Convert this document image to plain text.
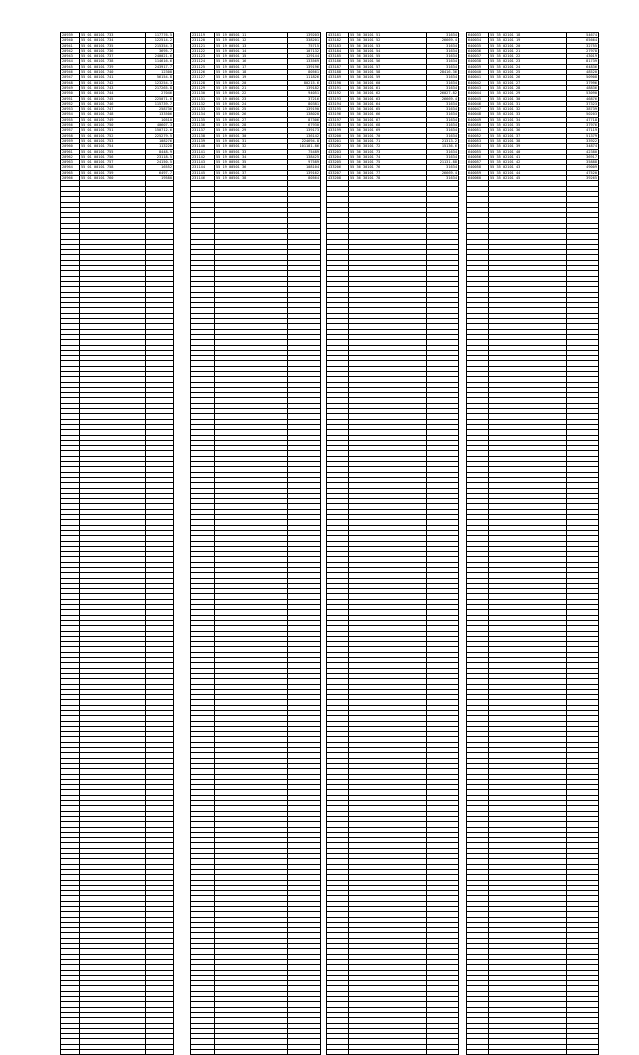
20939	55 01 00101 733	117776.5
20940	55 01 00101 734	122514.2
20941	55 01 00101 735	215354.3
20942	55 01 00101 736	3695.7
20943	55 01 00101 737	240021.6
20944	55 01 00101 738	114616.6
20945	55 01 00101 739	243917.7
20946	55 01 00101 740	12308
20947	55 01 00101 741	56154.8
20948	55 01 00101 742	123254.3
20949	55 01 00101 743	217265.8
20950	55 01 00101 744	27046
20951	55 01 00101 745	225071.6
20952	55 01 00101 746	115739.7
20953	55 01 00101 747	258736
20954	55 01 00101 748	133506
20955	55 01 00101 749	10510
20956	55 01 00101 750	40607.3
20957	55 01 00101 751	150712.6
20958	55 01 00101 752	225279.5
20959	55 01 00101 753	108276
20960	55 01 00101 754	113228
20961	55 01 00101 755	8448.9
20962	55 01 00101 756	23118.5
20963	55 01 00101 757	24150.5
20964	55 01 00101 758	16552
20965	55 01 00101 759	6497.7
20966	55 01 00101 760	19580

231119	55 19 00501 11	139203
231120	55 19 00501 12	338201
231121	55 19 00501 13	75715
231122	55 19 00501 14	107132
231123	55 19 00501 15	129144
231124	55 19 00501 16	133569
231125	55 19 00501 17	139196
231126	55 19 00501 18	80561
231127	55 19 00501 19	111826
231128	55 19 00501 20	80215.6
231129	55 19 00501 21	139182
231130	55 19 00501 22	94051
231131	55 19 00501 23	37216
231132	55 19 00501 24	80381
231133	55 19 00501 25	139190
231134	55 19 00501 26	138020
231135	55 19 00501 27	87306
231136	55 19 00501 28	67930
231137	55 19 00501 29	139173
231138	55 19 00501 30	136142
231139	55 19 00501 31	224694.8
231140	55 19 00501 32	101181.86
231141	55 19 00501 33	75489
231142	55 19 00501 34	138425
231143	55 19 00501 35	97589
231144	55 19 00501 36	108104
231145	55 19 00501 37	139162
231146	55 19 00501 38	80564

433181	55 36 30101 51	31634
433182	55 36 30101 52	26669.4
433183	55 36 30101 53	31634
433184	55 36 30101 54	31634
433185	55 36 30101 55	31634
433186	55 36 30101 56	31634
433187	55 36 30101 57	31634
433188	55 36 30101 58	28416.36
433189	55 36 30101 59	31634
433190	55 36 30101 60	31634
433191	55 36 30101 61	31634
433192	55 36 30101 62	26027.82
433193	55 36 30101 63	26669.4
433194	55 36 30101 64	31634
433195	55 36 30101 65	31634
433196	55 36 30101 66	31634
433197	55 36 30101 67	31634
433198	55 36 30101 68	31634
433199	55 36 30101 69	31634
433200	55 36 30101 70	31634
433201	55 36 30101 71	21313.2
433202	55 36 30101 72	15136.6
433203	55 36 30101 73	31634
433204	55 36 30101 74	31634
433205	55 36 30101 75	21131.88
433206	55 36 30101 76	31634
433207	55 36 30101 77	26669.4
433208	55 36 30101 78	31634

640033	55 35 02101 18	54674
640034	55 35 02101 19	65664
640035	55 35 02101 20	32755
640036	55 35 02101 21	27978
640037	55 35 02101 22	43019
640038	55 35 02101 23	81739
640039	55 35 02101 24	64836
640040	55 35 02101 25	48520
640041	55 35 02101 26	50908
640042	55 35 02101 27	37996
640043	55 35 02101 28	48836
640044	55 35 02101 29	53090
640045	55 35 02101 30	46876
640046	55 35 02101 31	37323
640047	55 35 02101 32	38739
640048	55 35 02101 33	50203
640049	55 35 02101 34	47718
640050	55 35 02101 35	37976
640051	55 35 02101 36	47119
640052	55 35 02101 37	51379
640053	55 35 02101 38	33922
640054	55 35 02101 39	34874
640055	55 35 02101 40	42380
640056	55 35 02101 41	36917
640057	55 35 02101 42	35888
640058	55 35 02101 43	49009
640059	55 35 02101 44	47520
640060	55 35 02101 45	39265
